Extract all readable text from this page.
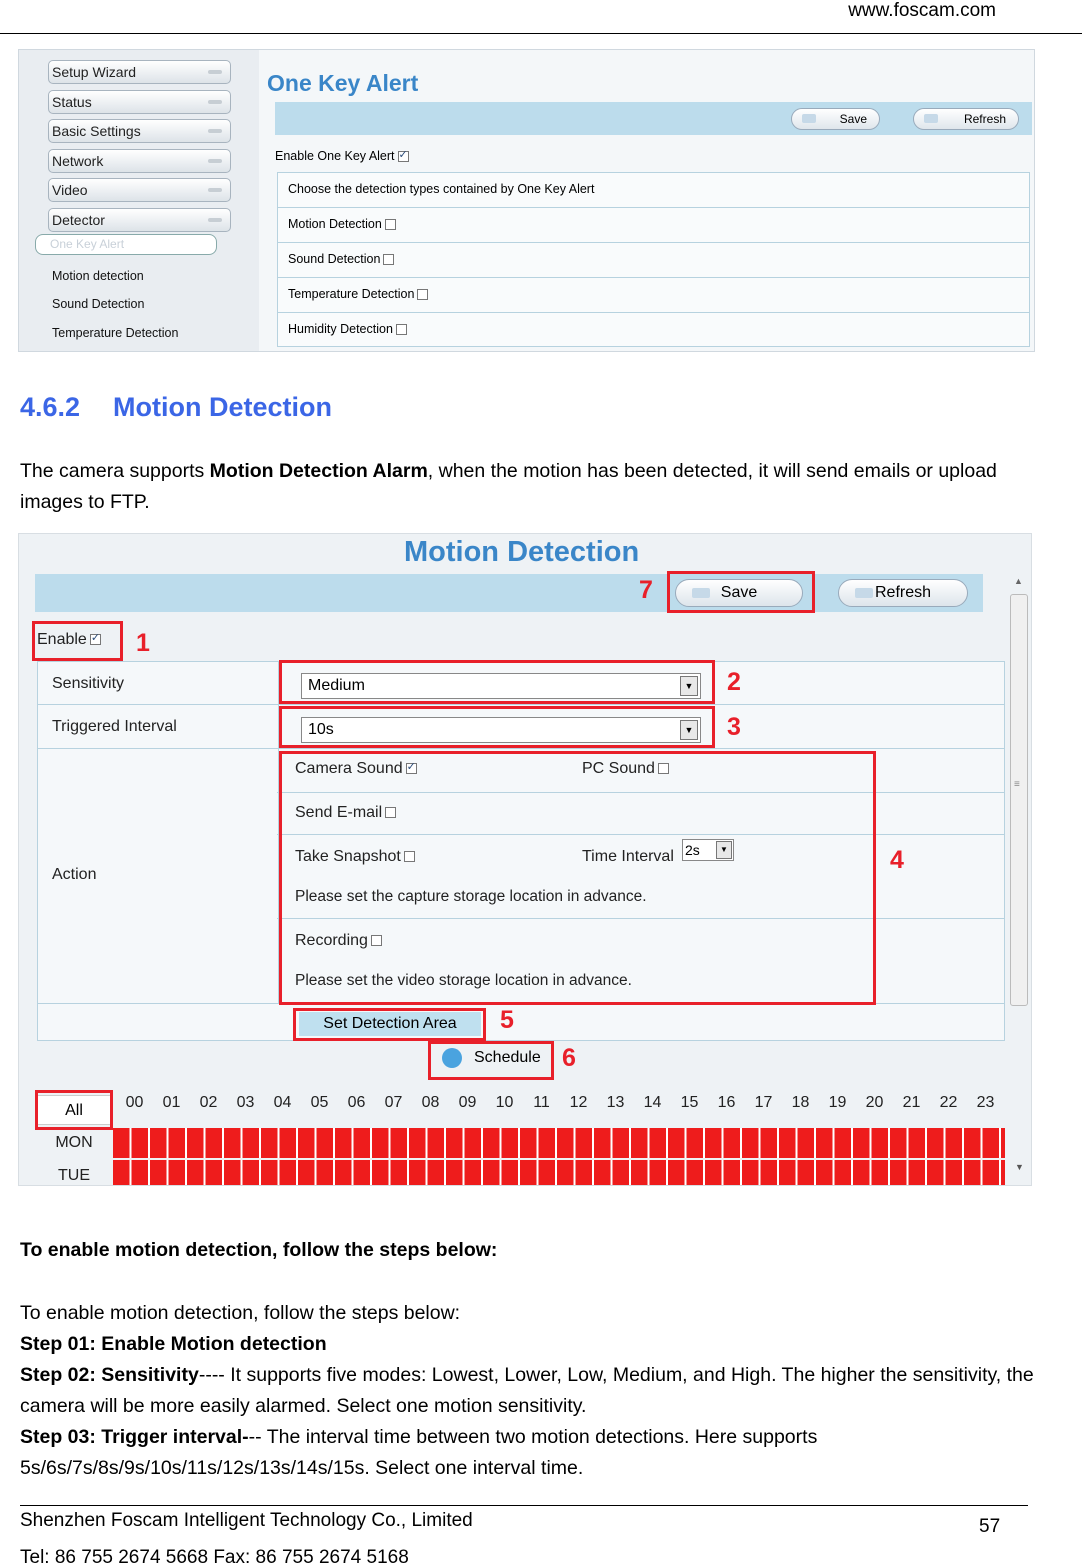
www.foscam.com
Setup Wizard
Status
Basic Settings
Network
Video
Detector
One Key Alert
Motion detection
Sound Detection
Temperature Detection
One Key Alert
Save	Refresh
Enable One Key Alert✓
Choose the detection types contained by One Key Alert
Motion Detection
Sound Detection
Temperature Detection
Humidity Detection
4.6.2 Motion Detection
The camera supports Motion Detection Alarm, when the motion has been detected, it will send emails or upload images to FTP.
Motion Detection
Save	Refresh
7
Enable ✓	1
Sensitivity	Medium	▼ 2
Triggered Interval	10s	▼ 3
Action
Camera Sound ✓	PC Sound
Send E-mail
Take Snapshot	Time Interval 2s	▼
Please set the capture storage location in advance.
Recording
Please set the video storage location in advance.
4
Set Detection Area	5
Schedule 6
▲
≡
All	00	01	02	03	04	05	06	07	08	09	10	11	12	13	14	15	16	17	18	19	20	21	22	23
MON
TUE	▼
To enable motion detection, follow the steps below:
To enable motion detection, follow the steps below:
Step 01: Enable Motion detection
Step 02: Sensitivity---- It supports five modes: Lowest, Lower, Low, Medium, and High. The higher the sensitivity, the camera will be more easily alarmed. Select one motion sensitivity.
Step 03: Trigger interval--- The interval time between two motion detections. Here supports 5s/6s/7s/8s/9s/10s/11s/12s/13s/14s/15s. Select one interval time.
Shenzhen Foscam Intelligent Technology Co., Limited	57
Tel: 86 755 2674 5668 Fax: 86 755 2674 5168
